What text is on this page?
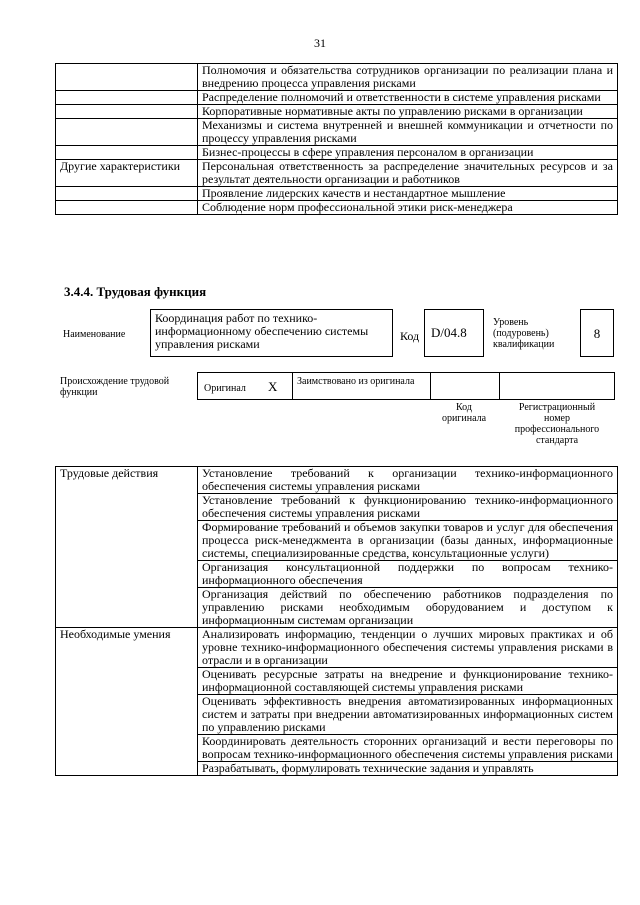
31
	Полномочия и обязательства сотрудников организации по реализации плана и внедрению процесса управления рисками
	Распределение полномочий и ответственности в системе управления рисками
	Корпоративные нормативные акты по управлению рисками в организации
	Механизмы и система внутренней и внешней коммуникации и отчетности по процессу управления рисками
	Бизнес-процессы в сфере управления персоналом в организации
Другие характеристики	Персональная ответственность за распределение значительных ресурсов и за результат деятельности организации и работников
	Проявление лидерских качеств и нестандартное мышление
	Соблюдение норм профессиональной этики риск-менеджера
3.4.4. Трудовая функция
Наименование
Координация работ по технико-информационному обеспечению системы управления рисками
Код D/04.8
Уровень (подуровень) квалификации
8
Происхождение трудовой функции	Оригинал X Заимствовано из оригинала
Код оригинала
Регистрационный номер профессионального стандарта
Трудовые действия	Установление требований к организации технико-информационного обеспечения системы управления рисками
	Установление требований к функционированию технико-информационного обеспечения системы управления рисками
	Формирование требований и объемов закупки товаров и услуг для обеспечения процесса риск-менеджмента в организации (базы данных, информационные системы, специализированные средства, консультационные услуги)
	Организация консультационной поддержки по вопросам технико-информационного обеспечения
	Организация действий по обеспечению работников подразделения по управлению рисками необходимым оборудованием и доступом к информационным системам организации
Необходимые умения	Анализировать информацию, тенденции о лучших мировых практиках и об уровне технико-информационного обеспечения системы управления рисками в отрасли и в организации
	Оценивать ресурсные затраты на внедрение и функционирование технико-информационной составляющей системы управления рисками
	Оценивать эффективность внедрения автоматизированных информационных систем и затраты при внедрении автоматизированных информационных систем по управлению рисками
	Координировать деятельность сторонних организаций и вести переговоры по вопросам технико-информационного обеспечения системы управления рисками
	Разрабатывать, формулировать технические задания и управлять
